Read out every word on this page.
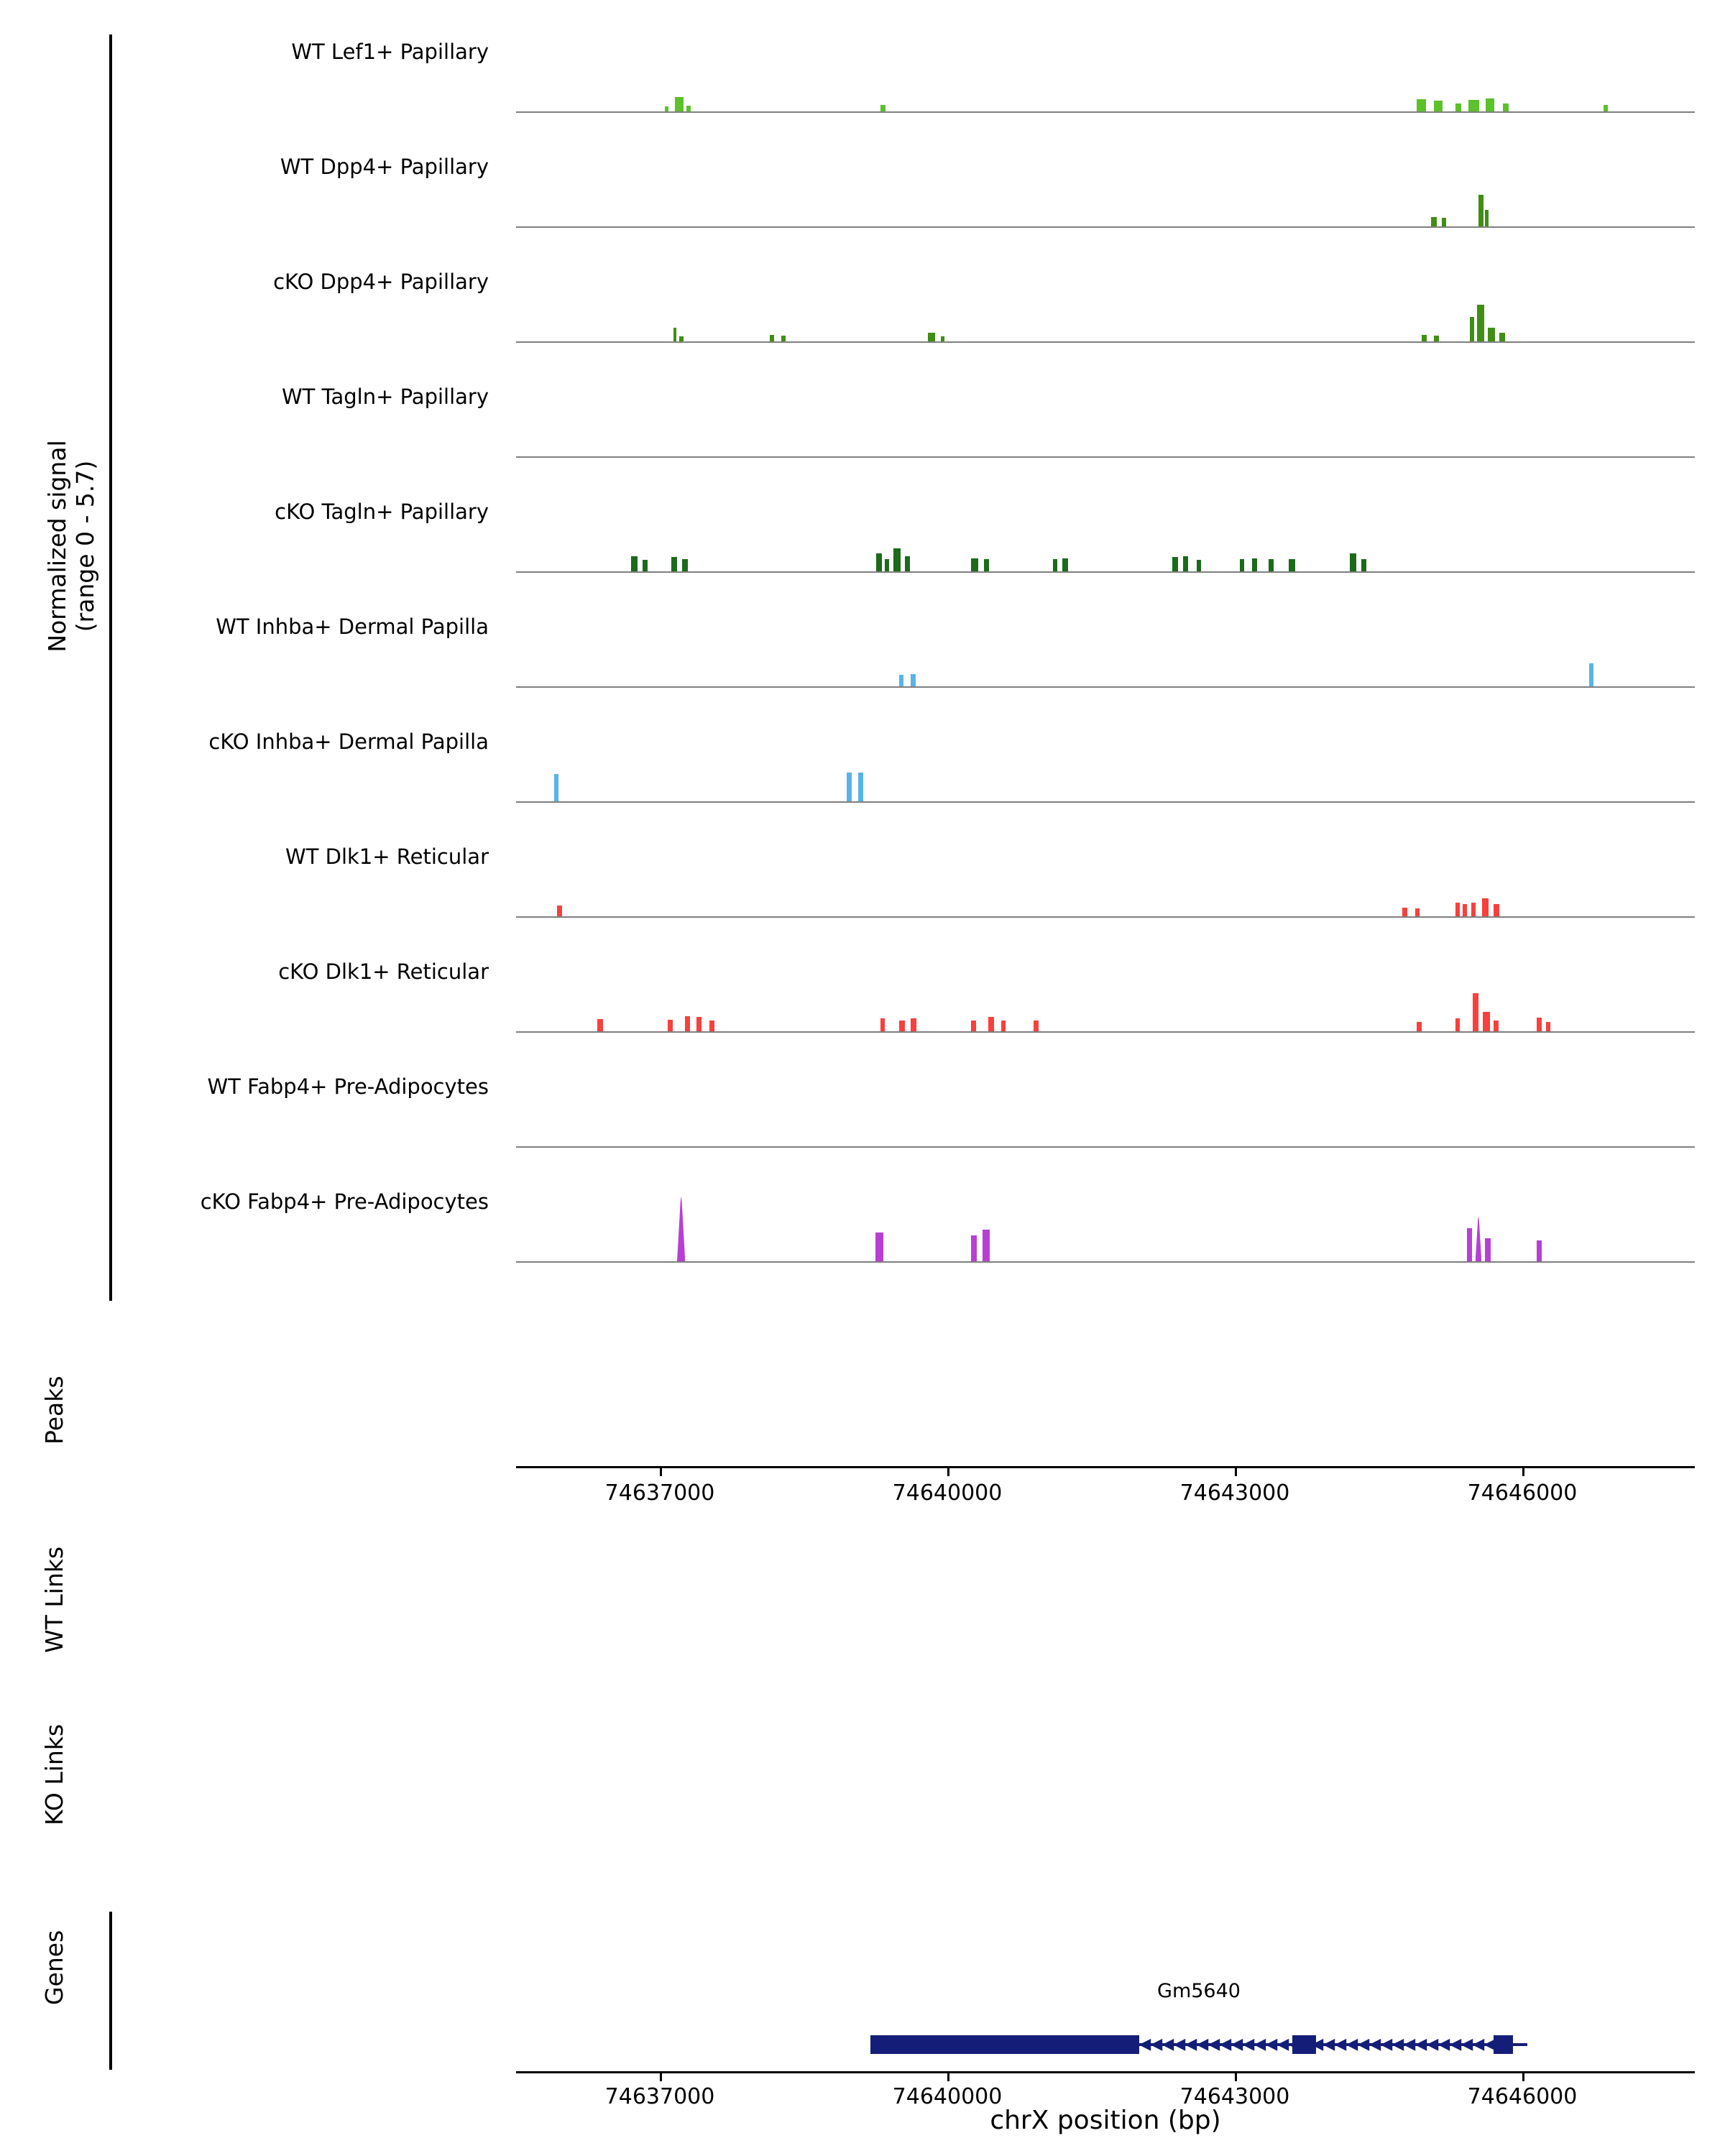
Normalized signal
(range 0 - 5.7)
WT Lef1+ Papillary
WT Dpp4+ Papillary
cKO Dpp4+ Papillary
WT Tagln+ Papillary
cKO Tagln+ Papillary
WT Inhba+ Dermal Papilla
cKO Inhba+ Dermal Papilla
WT Dlk1+ Reticular
cKO Dlk1+ Reticular
WT Fabp4+ Pre-Adipocytes
cKO Fabp4+ Pre-Adipocytes
Peaks
74637000	74640000	74643000	74646000
WT Links
KO Links
Genes	Gm5640
◀ ◀ ◀ ◀ ◀ ◀ ◀ ◀ ◀ ◀ ◀ ◀ ◀ ◀ ◀ ◀ ◀ ◀ ◀ ◀ ◀ ◀ ◀ ◀ ◀ ◀ ◀ ◀ ◀ ◀ ◀
74637000	74640000	74643000	74646000
chrX position (bp)
